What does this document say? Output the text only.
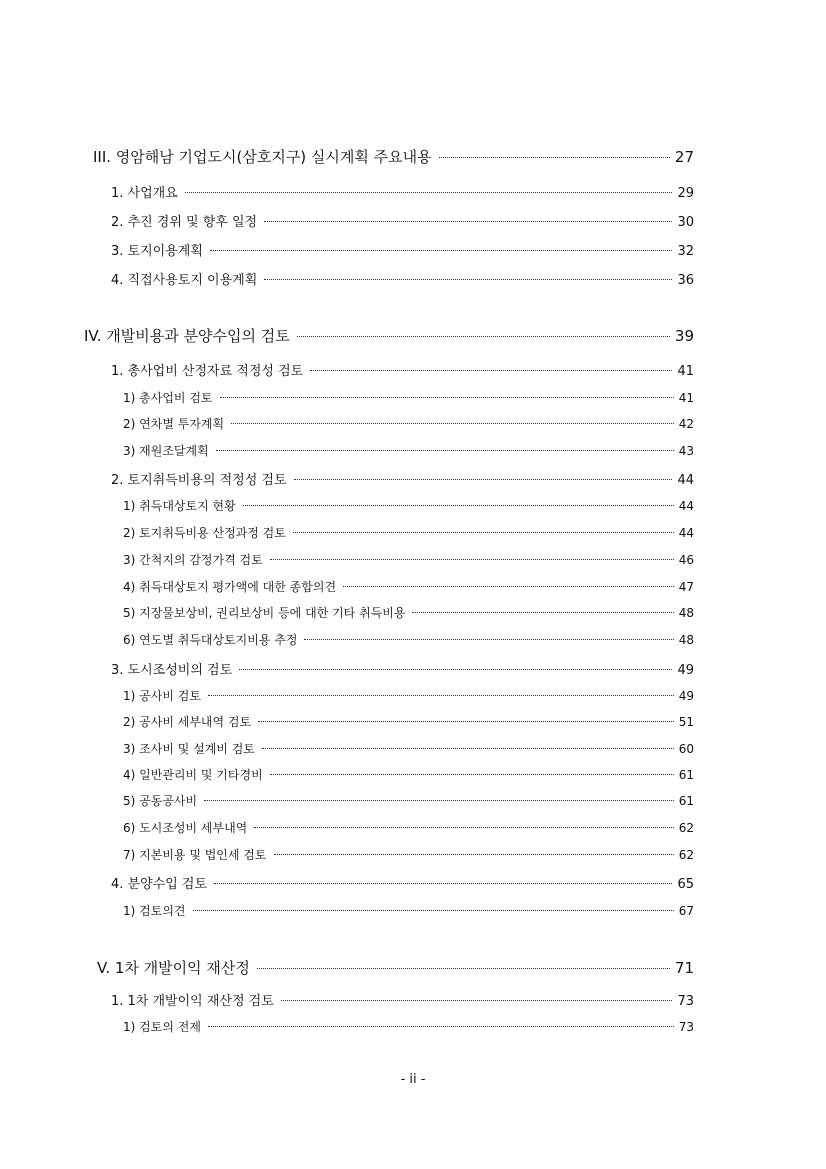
III. 영암해남 기업도시(삼호지구) 실시계획 주요내용	27
1. 사업개요	29
2. 추진 경위 및 향후 일정	30
3. 토지이용계획	32
4. 직접사용토지 이용계획	36
IV. 개발비용과 분양수입의 검토	39
1. 총사업비 산정자료 적정성 검토	41
1) 총사업비 검토	41
2) 연차별 투자계획	42
3) 재원조달계획	43
2. 토지취득비용의 적정성 검토	44
1) 취득대상토지 현황	44
2) 토지취득비용 산정과정 검토	44
3) 간척지의 감정가격 검토	46
4) 취득대상토지 평가액에 대한 종합의견	47
5) 지장물보상비, 권리보상비 등에 대한 기타 취득비용	48
6) 연도별 취득대상토지비용 추정	48
3. 도시조성비의 검토	49
1) 공사비 검토	49
2) 공사비 세부내역 검토	51
3) 조사비 및 설계비 검토	60
4) 일반관리비 및 기타경비	61
5) 공동공사비	61
6) 도시조성비 세부내역	62
7) 지본비용 및 법인세 검토	62
4. 분양수입 검토	65
1) 검토의견	67
V. 1차 개발이익 재산정	71
1. 1차 개발이익 재산정 검토	73
1) 검토의 전제	73
- ii -
